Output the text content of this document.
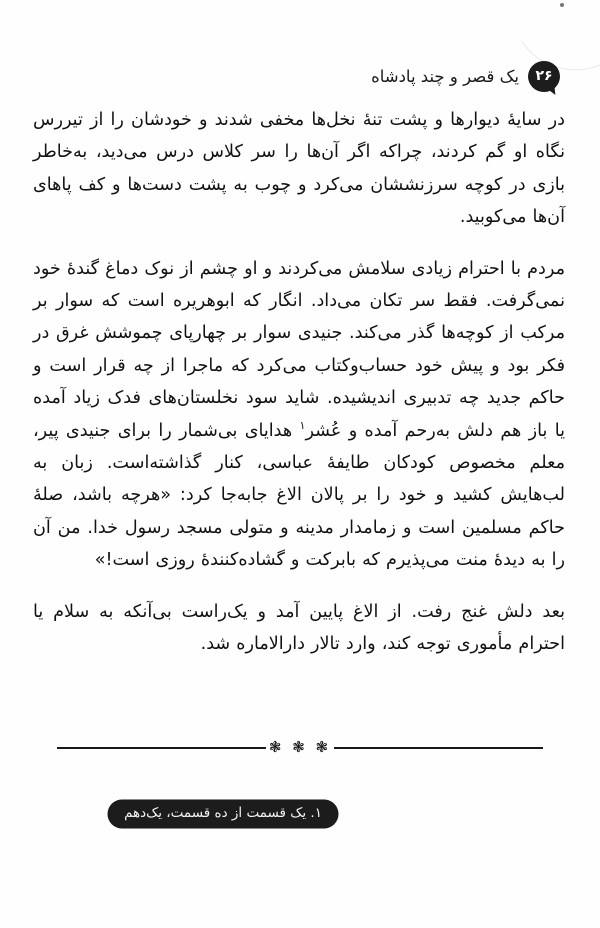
۲۶
یک قصر و چند پادشاه

در سایهٔ دیوارها و پشت تنهٔ نخل‌ها مخفی شدند و خودشان را از تیررس نگاه او گم کردند، چراکه اگر آن‌ها را سر کلاس درس می‌دید، به‌خاطر بازی در کوچه سرزنششان می‌کرد و چوب به پشت دست‌ها و کف پاهای آن‌ها می‌کوبید.

مردم با احترام زیادی سلامش می‌کردند و او چشم از نوک دماغ گندهٔ خود نمی‌گرفت. فقط سر تکان می‌داد. انگار که ابوهریره است که سوار بر مرکب از کوچه‌ها گذر می‌کند. جنیدی سوار بر چهارپای چموشش غرق در فکر بود و پیش خود حساب‌وکتاب می‌کرد که ماجرا از چه قرار است و حاکم جدید چه تدبیری اندیشیده. شاید سود نخلستان‌های فدک زیاد آمده یا باز هم دلش به‌رحم آمده و عُشر$^۱$ هدایای بی‌شمار را برای جنیدی پیر، معلم مخصوص کودکان طایفهٔ عباسی، کنار گذاشته‌است. زبان به لب‌هایش کشید و خود را بر پالان الاغ جابه‌جا کرد: «هرچه باشد، صلهٔ حاکم مسلمین است و زمامدار مدینه و متولی مسجد رسول خدا. من آن را به دیدهٔ منت می‌پذیرم که بابرکت و گشاده‌کنندهٔ روزی است!»

بعد دلش غنج رفت. از الاغ پایین آمد و یک‌راست بی‌آنکه به سلام یا احترام مأموری توجه کند، وارد تالار دارالاماره شد.

❃ ❃ ❃
۱. یک قسمت از ده قسمت، یک‌دهم
